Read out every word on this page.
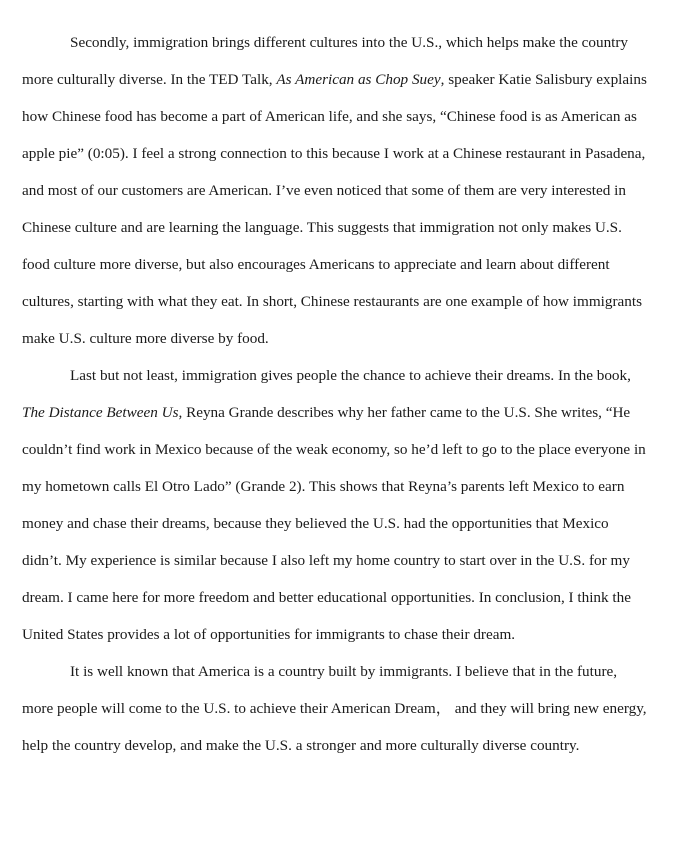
Secondly, immigration brings different cultures into the U.S., which helps make the country more culturally diverse. In the TED Talk, As American as Chop Suey, speaker Katie Salisbury explains how Chinese food has become a part of American life, and she says, “Chinese food is as American as apple pie” (0:05). I feel a strong connection to this because I work at a Chinese restaurant in Pasadena, and most of our customers are American. I’ve even noticed that some of them are very interested in Chinese culture and are learning the language. This suggests that immigration not only makes U.S. food culture more diverse, but also encourages Americans to appreciate and learn about different cultures, starting with what they eat. In short, Chinese restaurants are one example of how immigrants make U.S. culture more diverse by food.

Last but not least, immigration gives people the chance to achieve their dreams. In the book, The Distance Between Us, Reyna Grande describes why her father came to the U.S. She writes, “He couldn’t find work in Mexico because of the weak economy, so he’d left to go to the place everyone in my hometown calls El Otro Lado” (Grande 2). This shows that Reyna’s parents left Mexico to earn money and chase their dreams, because they believed the U.S. had the opportunities that Mexico didn’t. My experience is similar because I also left my home country to start over in the U.S. for my dream. I came here for more freedom and better educational opportunities. In conclusion, I think the United States provides a lot of opportunities for immigrants to chase their dream.

It is well known that America is a country built by immigrants. I believe that in the future, more people will come to the U.S. to achieve their American Dream， and they will bring new energy, help the country develop, and make the U.S. a stronger and more culturally diverse country.
